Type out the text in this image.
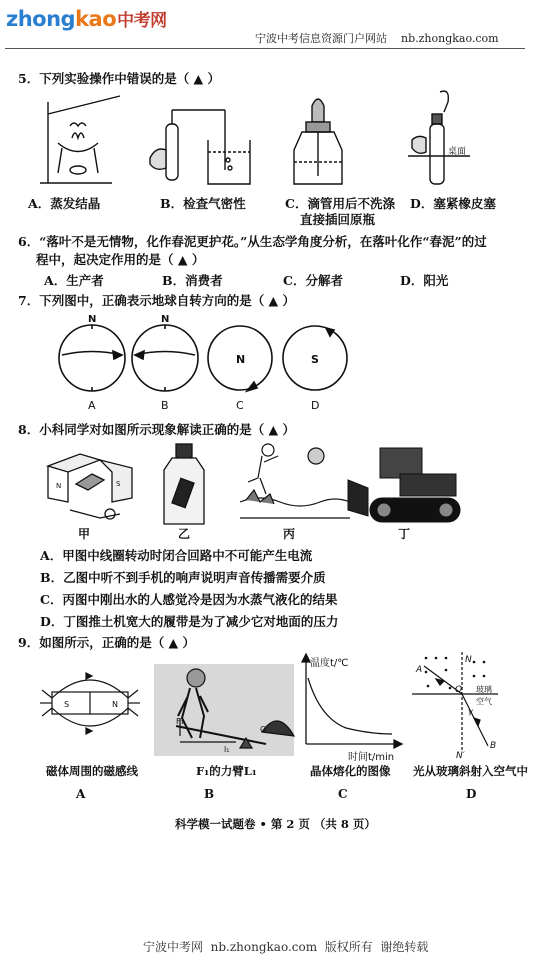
zhongkao中考网
宁波中考信息资源门户网站    nb.zhongkao.com
5．下列实验操作中错误的是（ ▲ ）
桌面
A．蒸发结晶	B．检查气密性	C．滴管用后不洗涤
直接插回原瓶
D．塞紧橡皮塞
6．“落叶不是无情物，化作春泥更护花。”从生态学角度分析，在落叶化作“春泥”的过
程中，起决定作用的是（ ▲ ）
A．生产者	B．消费者	C．分解者	D．阳光
7．下列图中，正确表示地球自转方向的是（ ▲ ）
N	N
N	S
A	B	C	D
8．小科同学对如图所示现象解读正确的是（ ▲ ）
N	S
甲	乙	丙	丁
A．甲图中线圈转动时闭合回路中不可能产生电流
B．乙图中听不到手机的响声说明声音传播需要介质
C．丙图中刚出水的人感觉冷是因为水蒸气液化的结果
D．丁图推土机宽大的履带是为了减少它对地面的压力
9．如图所示，正确的是（ ▲ ）
S	N
F₁
l₁
O
温度t/℃
时间t/min
N
A
O 玻璃
空气
γ
B
N′
磁体周围的磁感线	F₁的力臂L₁	晶体熔化的图像 光从玻璃斜射入空气中
A	B	C	D
科学模一试题卷 • 第 2 页 （共 8 页）
宁波中考网  nb.zhongkao.com  版权所有  谢绝转载
